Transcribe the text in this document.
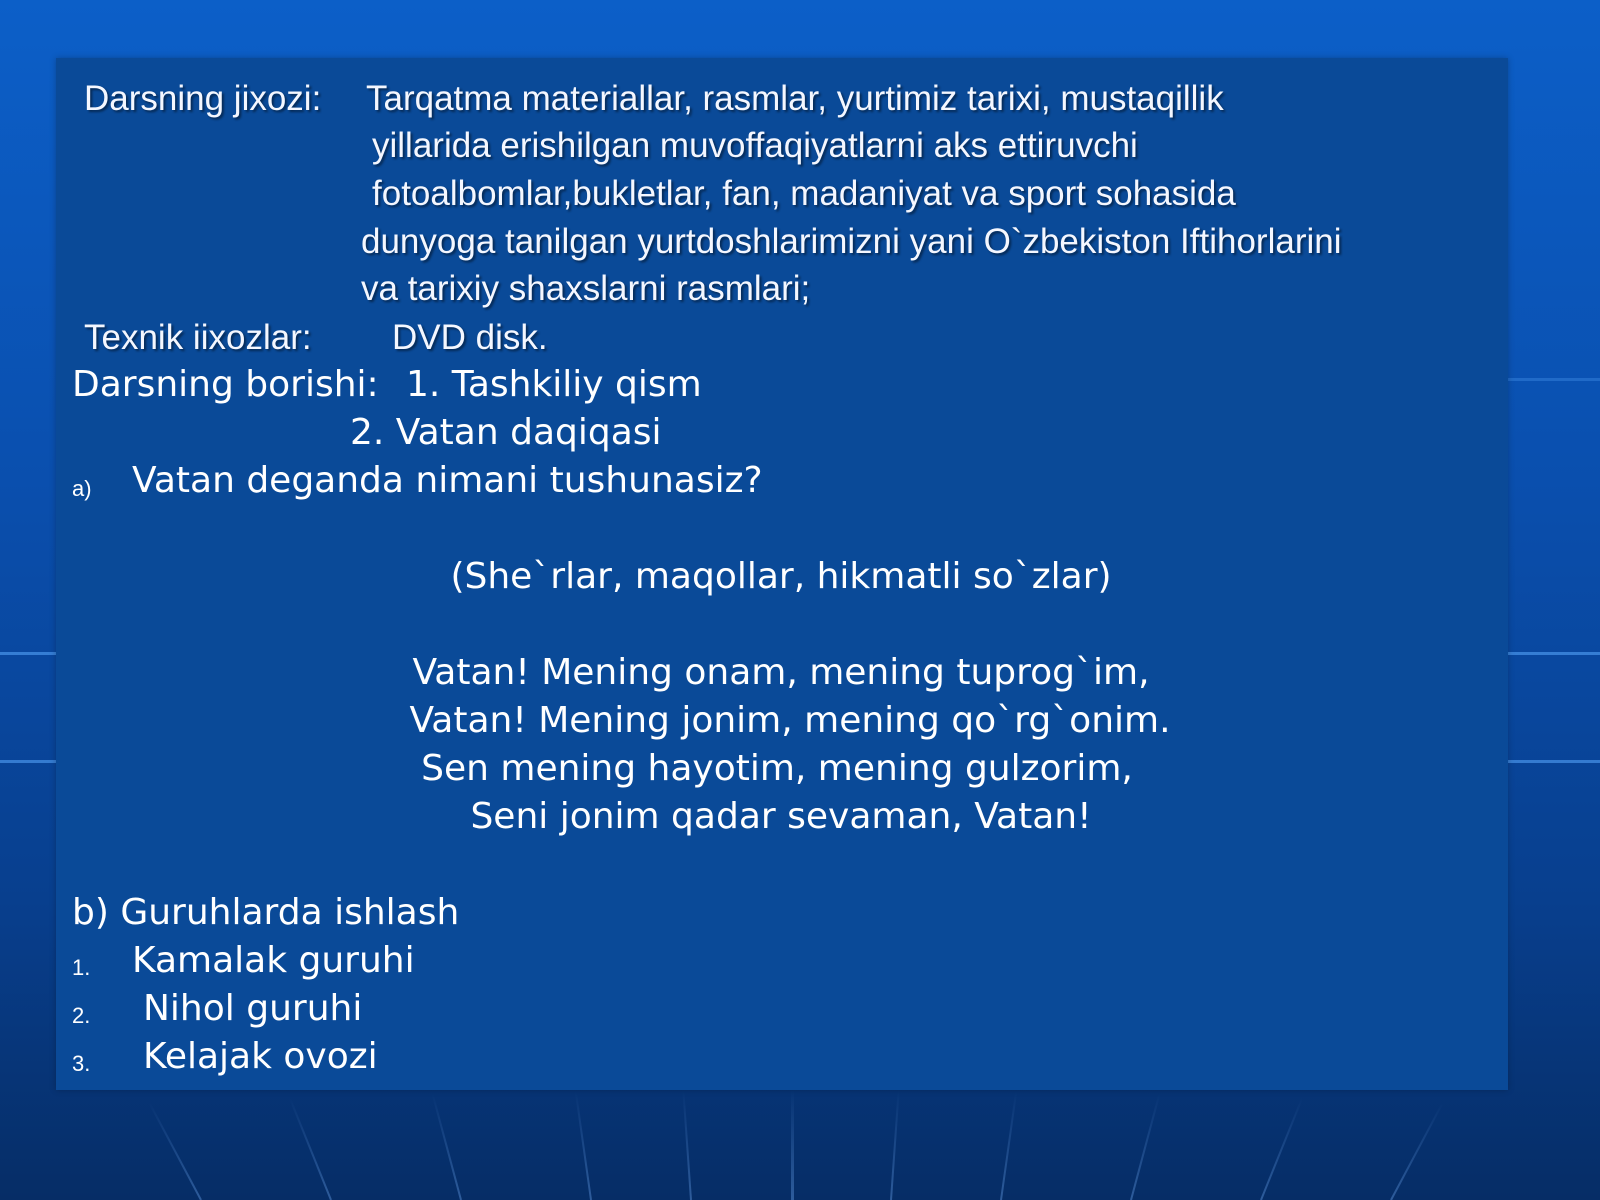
Darsning jixozi: Tarqatma materiallar, rasmlar, yurtimiz tarixi, mustaqillik
yillarida erishilgan muvoffaqiyatlarni aks ettiruvchi
fotoalbomlar,bukletlar, fan, madaniyat va sport sohasida
dunyoga tanilgan yurtdoshlarimizni yani O`zbekiston Iftihorlarini
va tarixiy shaxslarni rasmlari;
Texnik iixozlar: DVD disk.
Darsning borishi: 1. Tashkiliy qism
2. Vatan daqiqasi
a) Vatan deganda nimani tushunasiz?
(She`rlar, maqollar, hikmatli so`zlar)
Vatan! Mening onam, mening tuprog`im,
Vatan! Mening jonim, mening qo`rg`onim.
Sen mening hayotim, mening gulzorim,
Seni jonim qadar sevaman, Vatan!
b) Guruhlarda ishlash
1. Kamalak guruhi
2. Nihol guruhi
3. Kelajak ovozi
